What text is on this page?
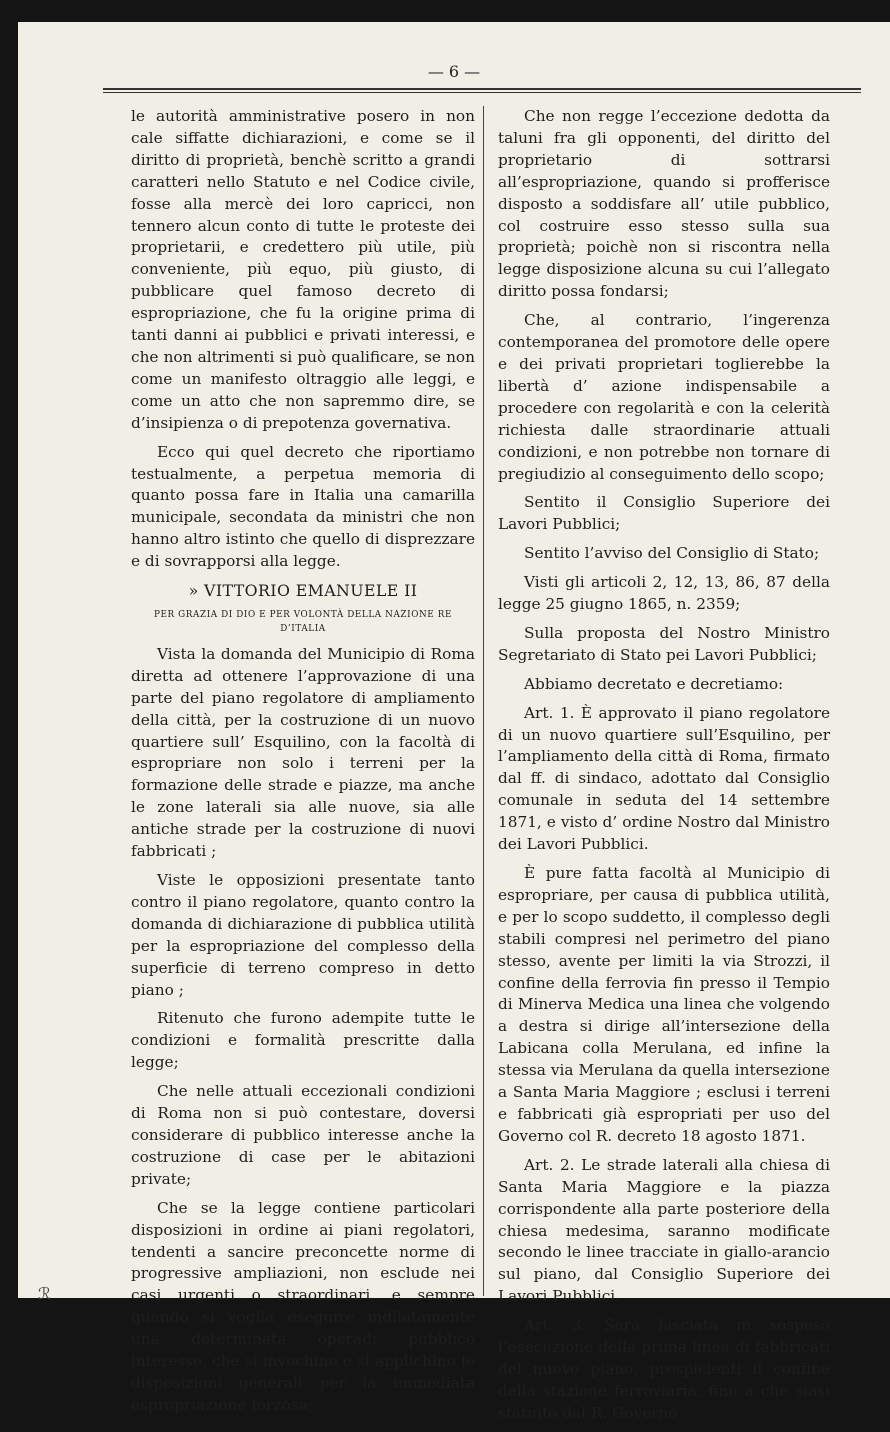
— 6 —

le autorità amministrative posero in non cale siffatte dichiarazioni, e come se il diritto di proprietà, benchè scritto a grandi caratteri nello Statuto e nel Codice civile, fosse alla mercè dei loro capricci, non tennero alcun conto di tutte le proteste dei proprietarii, e credettero più utile, più conveniente, più equo, più giusto, di pubblicare quel famoso decreto di espropriazione, che fu la origine prima di tanti danni ai pubblici e privati interessi, e che non altrimenti si può qualificare, se non come un manifesto oltraggio alle leggi, e come un atto che non sapremmo dire, se d’insipienza o di prepotenza governativa.

Ecco qui quel decreto che riportiamo testualmente, a perpetua memoria di quanto possa fare in Italia una camarilla municipale, secondata da ministri che non hanno altro istinto che quello di disprezzare e di sovrapporsi alla legge.

» VITTORIO EMANUELE II
PER GRAZIA DI DIO E PER VOLONTÀ DELLA NAZIONE RE D’ITALIA

Vista la domanda del Municipio di Roma diretta ad ottenere l’approvazione di una parte del piano regolatore di ampliamento della città, per la costruzione di un nuovo quartiere sull’ Esquilino, con la facoltà di espropriare non solo i terreni per la formazione delle strade e piazze, ma anche le zone laterali sia alle nuove, sia alle antiche strade per la costruzione di nuovi fabbricati ;

Viste le opposizioni presentate tanto contro il piano regolatore, quanto contro la domanda di dichiarazione di pubblica utilità per la espropriazione del complesso della superficie di terreno compreso in detto piano ;

Ritenuto che furono adempite tutte le condizioni e formalità prescritte dalla legge;

Che nelle attuali eccezionali condizioni di Roma non si può contestare, doversi considerare di pubblico interesse anche la costruzione di case per le abitazioni private;

Che se la legge contiene particolari disposizioni in ordine ai piani regolatori, tendenti a sancire preconcette norme di progressive ampliazioni, non esclude nei casi urgenti o straordinari, e sempre quando si voglia eseguire indilatamente una determinata operadi pubblico interesse, che si invochino e si applichino le disposizioni generali per la immediata espropriazione forzosa;

Che non regge l’eccezione dedotta da taluni fra gli opponenti, del diritto del proprietario di sottrarsi all’espropriazione, quando si profferisce disposto a soddisfare all’ utile pubblico, col costruire esso stesso sulla sua proprietà; poichè non si riscontra nella legge disposizione alcuna su cui l’allegato diritto possa fondarsi;

Che, al contrario, l’ingerenza contemporanea del promotore delle opere e dei privati proprietari toglierebbe la libertà d’ azione indispensabile a procedere con regolarità e con la celerità richiesta dalle straordinarie attuali condizioni, e non potrebbe non tornare di pregiudizio al conseguimento dello scopo;

Sentito il Consiglio Superiore dei Lavori Pubblici;

Sentito l’avviso del Consiglio di Stato;

Visti gli articoli 2, 12, 13, 86, 87 della legge 25 giugno 1865, n. 2359;

Sulla proposta del Nostro Ministro Segretariato di Stato pei Lavori Pubblici;

Abbiamo decretato e decretiamo:

Art. 1. È approvato il piano regolatore di un nuovo quartiere sull’Esquilino, per l’ampliamento della città di Roma, firmato dal ff. di sindaco, adottato dal Consiglio comunale in seduta del 14 settembre 1871, e visto d’ ordine Nostro dal Ministro dei Lavori Pubblici.

È pure fatta facoltà al Municipio di espropriare, per causa di pubblica utilità, e per lo scopo suddetto, il complesso degli stabili compresi nel perimetro del piano stesso, avente per limiti la via Strozzi, il confine della ferrovia fin presso il Tempio di Minerva Medica una linea che volgendo a destra si dirige all’intersezione della Labicana colla Merulana, ed infine la stessa via Merulana da quella intersezione a Santa Maria Maggiore ; esclusi i terreni e fabbricati già espropriati per uso del Governo col R. decreto 18 agosto 1871.

Art. 2. Le strade laterali alla chiesa di Santa Maria Maggiore e la piazza corrispondente alla parte posteriore della chiesa medesima, saranno modificate secondo le linee tracciate in giallo-arancio sul piano, dal Consiglio Superiore dei Lavori Pubblici.

Art. 3. Sarà lasciata in sospeso l’esecuzione della prima linea di fabbricati del nuovo piano, prospicienti il confine della stazione ferroviaria, fino a che siasi statuito dal R. Governo

ℛ
